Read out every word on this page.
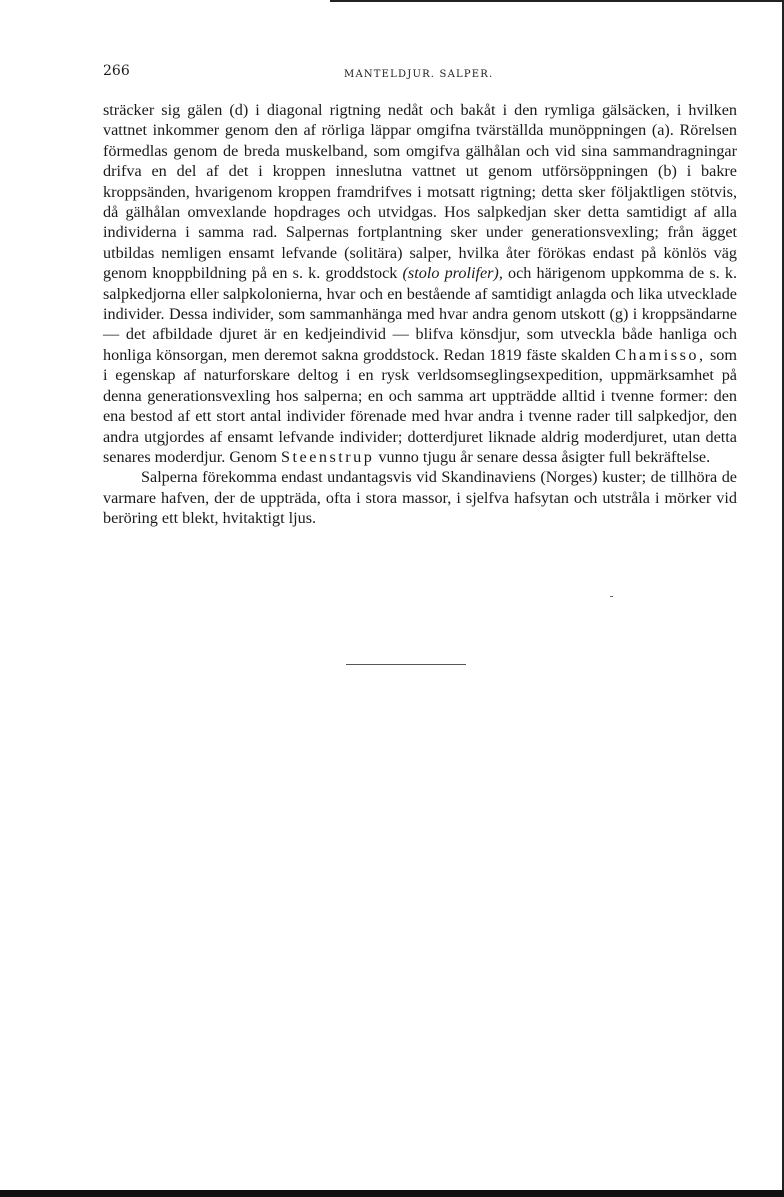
266	MANTELDJUR. SALPER.

sträcker sig gälen (d) i diagonal rigtning nedåt och bakåt i den rymliga gälsäcken, i hvilken vattnet inkommer genom den af rörliga läppar omgifna tvärställda munöppningen (a). Rörelsen förmedlas genom de breda muskelband, som omgifva gälhålan och vid sina sammandragningar drifva en del af det i kroppen inneslutna vattnet ut genom utförsöppningen (b) i bakre kroppsänden, hvarigenom kroppen framdrifves i motsatt rigtning; detta sker följaktligen stötvis, då gälhålan omvexlande hopdrages och utvidgas. Hos salpkedjan sker detta samtidigt af alla individerna i samma rad. Salpernas fortplantning sker under generationsvexling; från ägget utbildas nemligen ensamt lefvande (solitära) salper, hvilka åter förökas endast på könlös väg genom knoppbildning på en s. k. groddstock (stolo prolifer), och härigenom uppkomma de s. k. salpkedjorna eller salpkolonierna, hvar och en bestående af samtidigt anlagda och lika utvecklade individer. Dessa individer, som sammanhänga med hvar andra genom utskott (g) i kroppsändarne — det afbildade djuret är en kedjeindivid — blifva könsdjur, som utveckla både hanliga och honliga könsorgan, men deremot sakna groddstock. Redan 1819 fäste skalden Chamisso, som i egenskap af naturforskare deltog i en rysk verldsomseglingsexpedition, uppmärksamhet på denna generationsvexling hos salperna; en och samma art uppträdde alltid i tvenne former: den ena bestod af ett stort antal individer förenade med hvar andra i tvenne rader till salpkedjor, den andra utgjordes af ensamt lefvande individer; dotterdjuret liknade aldrig moderdjuret, utan detta senares moderdjur. Genom Steenstrup vunno tjugu år senare dessa åsigter full bekräftelse.

Salperna förekomma endast undantagsvis vid Skandinaviens (Norges) kuster; de tillhöra de varmare hafven, der de uppträda, ofta i stora massor, i sjelfva hafsytan och utstråla i mörker vid beröring ett blekt, hvitaktigt ljus.
